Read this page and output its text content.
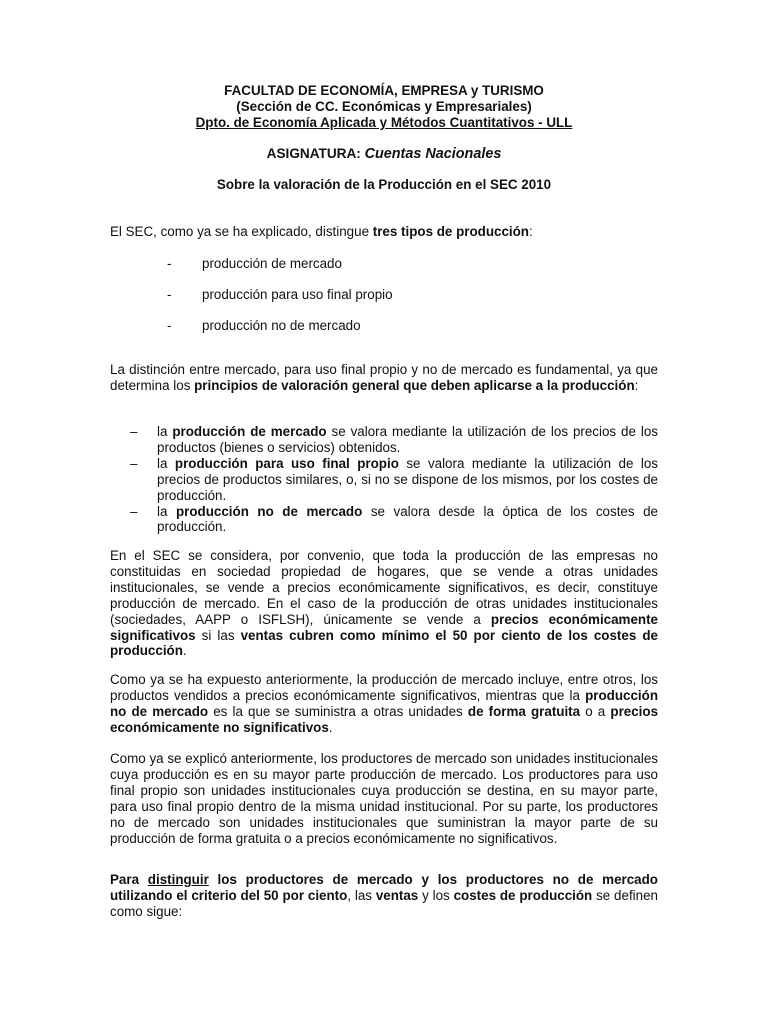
FACULTAD DE ECONOMÍA, EMPRESA y TURISMO
(Sección de CC. Económicas y Empresariales)
Dpto. de Economía Aplicada y Métodos Cuantitativos - ULL
ASIGNATURA: Cuentas Nacionales
Sobre la valoración de la Producción en el SEC 2010

El SEC, como ya se ha explicado, distingue tres tipos de producción:

- producción de mercado
- producción para uso final propio
- producción no de mercado

La distinción entre mercado, para uso final propio y no de mercado es fundamental, ya que determina los principios de valoración general que deben aplicarse a la producción:

– la producción de mercado se valora mediante la utilización de los precios de los productos (bienes o servicios) obtenidos.
– la producción para uso final propio se valora mediante la utilización de los precios de productos similares, o, si no se dispone de los mismos, por los costes de producción.
– la producción no de mercado se valora desde la óptica de los costes de producción.

En el SEC se considera, por convenio, que toda la producción de las empresas no constituidas en sociedad propiedad de hogares, que se vende a otras unidades institucionales, se vende a precios económicamente significativos, es decir, constituye producción de mercado. En el caso de la producción de otras unidades institucionales (sociedades, AAPP o ISFLSH), únicamente se vende a precios económicamente significativos si las ventas cubren como mínimo el 50 por ciento de los costes de producción.

Como ya se ha expuesto anteriormente, la producción de mercado incluye, entre otros, los productos vendidos a precios económicamente significativos, mientras que la producción no de mercado es la que se suministra a otras unidades de forma gratuita o a precios económicamente no significativos.

Como ya se explicó anteriormente, los productores de mercado son unidades institucionales cuya producción es en su mayor parte producción de mercado. Los productores para uso final propio son unidades institucionales cuya producción se destina, en su mayor parte, para uso final propio dentro de la misma unidad institucional. Por su parte, los productores no de mercado son unidades institucionales que suministran la mayor parte de su producción de forma gratuita o a precios económicamente no significativos.

Para distinguir los productores de mercado y los productores no de mercado utilizando el criterio del 50 por ciento, las ventas y los costes de producción se definen como sigue:
